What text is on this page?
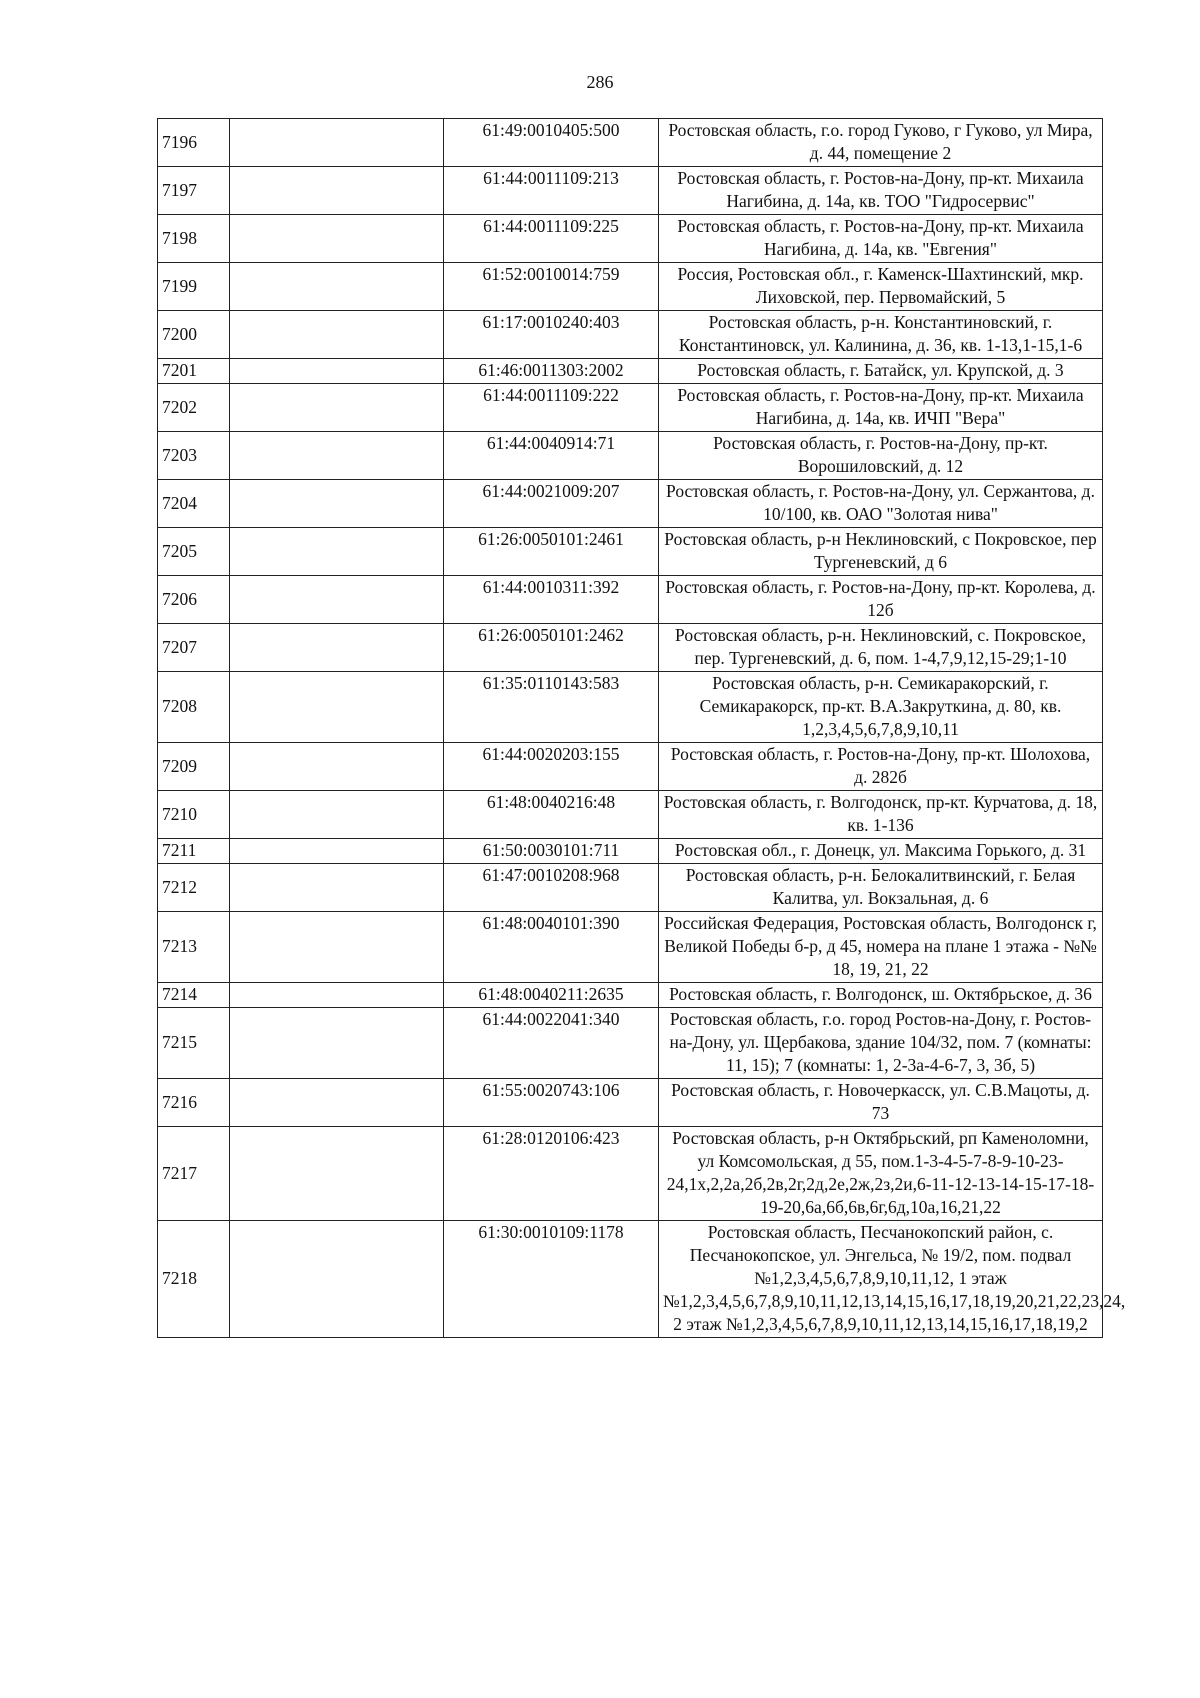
286
7196		61:49:0010405:500	Ростовская область, г.о. город Гуково, г Гуково, ул Мира, д. 44, помещение 2
7197		61:44:0011109:213	Ростовская область, г. Ростов-на-Дону, пр-кт. Михаила Нагибина, д. 14а, кв. ТОО "Гидросервис"
7198		61:44:0011109:225	Ростовская область, г. Ростов-на-Дону, пр-кт. Михаила Нагибина, д. 14а, кв. "Евгения"
7199		61:52:0010014:759	Россия, Ростовская обл., г. Каменск-Шахтинский, мкр. Лиховской, пер. Первомайский, 5
7200		61:17:0010240:403	Ростовская область, р-н. Константиновский, г. Константиновск, ул. Калинина, д. 36, кв. 1-13,1-15,1-6
7201		61:46:0011303:2002	Ростовская область, г. Батайск, ул. Крупской, д. 3
7202		61:44:0011109:222	Ростовская область, г. Ростов-на-Дону, пр-кт. Михаила Нагибина, д. 14а, кв. ИЧП "Вера"
7203		61:44:0040914:71	Ростовская область, г. Ростов-на-Дону, пр-кт. Ворошиловский, д. 12
7204		61:44:0021009:207	Ростовская область, г. Ростов-на-Дону, ул. Сержантова, д. 10/100, кв. ОАО "Золотая нива"
7205		61:26:0050101:2461	Ростовская область, р-н Неклиновский, с Покровское, пер Тургеневский, д 6
7206		61:44:0010311:392	Ростовская область, г. Ростов-на-Дону, пр-кт. Королева, д. 12б
7207		61:26:0050101:2462	Ростовская область, р-н. Неклиновский, с. Покровское, пер. Тургеневский, д. 6, пом. 1-4,7,9,12,15-29;1-10
7208		61:35:0110143:583	Ростовская область, р-н. Семикаракорский, г. Семикаракорск, пр-кт. В.А.Закруткина, д. 80, кв. 1,2,3,4,5,6,7,8,9,10,11
7209		61:44:0020203:155	Ростовская область, г. Ростов-на-Дону, пр-кт. Шолохова, д. 282б
7210		61:48:0040216:48	Ростовская область, г. Волгодонск, пр-кт. Курчатова, д. 18, кв. 1-136
7211		61:50:0030101:711	Ростовская обл., г. Донецк, ул. Максима Горького, д. 31
7212		61:47:0010208:968	Ростовская область, р-н. Белокалитвинский, г. Белая Калитва, ул. Вокзальная, д. 6
7213		61:48:0040101:390	Российская Федерация, Ростовская область, Волгодонск г, Великой Победы б-р, д 45, номера на плане 1 этажа - №№ 18, 19, 21, 22
7214		61:48:0040211:2635	Ростовская область, г. Волгодонск, ш. Октябрьское, д. 36
7215		61:44:0022041:340	Ростовская область, г.о. город Ростов-на-Дону, г. Ростов-на-Дону, ул. Щербакова, здание 104/32, пом. 7 (комнаты: 11, 15); 7 (комнаты: 1, 2-3а-4-6-7, 3, 3б, 5)
7216		61:55:0020743:106	Ростовская область, г. Новочеркасск, ул. С.В.Мацоты, д. 73
7217		61:28:0120106:423	Ростовская область, р-н Октябрьский, рп Каменоломни, ул Комсомольская, д 55, пом.1-3-4-5-7-8-9-10-23-24,1х,2,2а,2б,2в,2г,2д,2е,2ж,2з,2и,6-11-12-13-14-15-17-18-19-20,6а,6б,6в,6г,6д,10а,16,21,22
7218		61:30:0010109:1178	Ростовская область, Песчанокопский район, с. Песчанокопское, ул. Энгельса, № 19/2, пом. подвал №1,2,3,4,5,6,7,8,9,10,11,12, 1 этаж №1,2,3,4,5,6,7,8,9,10,11,12,13,14,15,16,17,18,19,20,21,22,23,24, 2 этаж №1,2,3,4,5,6,7,8,9,10,11,12,13,14,15,16,17,18,19,2
